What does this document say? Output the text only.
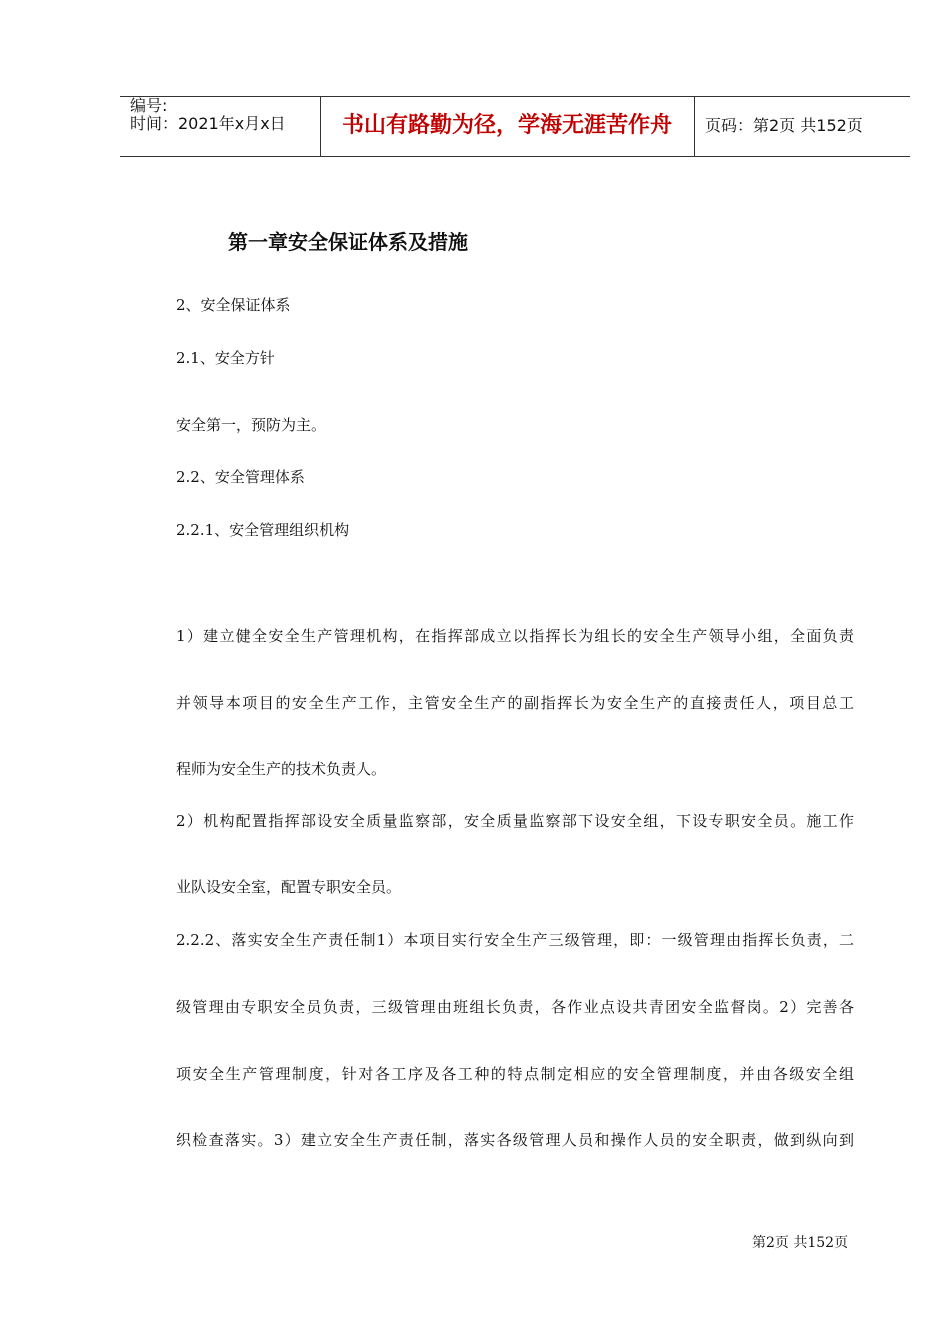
编号:
时间：2021年x月x日	书山有路勤为径，学海无涯苦作舟	页码：第2页 共152页
第一章安全保证体系及措施
2、安全保证体系
2.1、安全方针
安全第一，预防为主。
2.2、安全管理体系
2.2.1、安全管理组织机构
1）建立健全安全生产管理机构，在指挥部成立以指挥长为组长的安全生产领导小组，全面负责
并领导本项目的安全生产工作，主管安全生产的副指挥长为安全生产的直接责任人，项目总工
程师为安全生产的技术负责人。
2）机构配置指挥部设安全质量监察部，安全质量监察部下设安全组，下设专职安全员。施工作
业队设安全室，配置专职安全员。
2.2.2、落实安全生产责任制1）本项目实行安全生产三级管理，即：一级管理由指挥长负责，二
级管理由专职安全员负责，三级管理由班组长负责，各作业点设共青团安全监督岗。2）完善各
项安全生产管理制度，针对各工序及各工种的特点制定相应的安全管理制度，并由各级安全组
织检查落实。3）建立安全生产责任制，落实各级管理人员和操作人员的安全职责，做到纵向到
第2页 共152页
